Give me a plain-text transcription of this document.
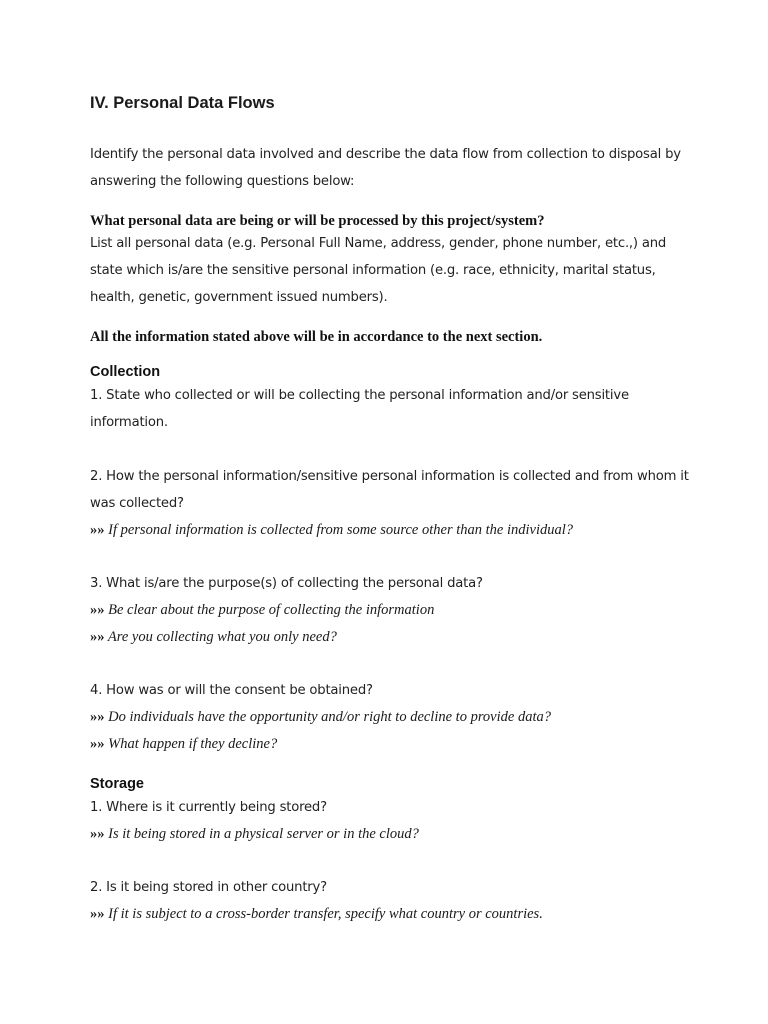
IV. Personal Data Flows

Identify the personal data involved and describe the data flow from collection to disposal by answering the following questions below:

What personal data are being or will be processed by this project/system?

List all personal data (e.g. Personal Full Name, address, gender, phone number, etc.,) and state which is/are the sensitive personal information (e.g. race, ethnicity, marital status, health, genetic, government issued numbers).

All the information stated above will be in accordance to the next section.

Collection

1. State who collected or will be collecting the personal information and/or sensitive information.

2. How the personal information/sensitive personal information is collected and from whom it was collected?

»» If personal information is collected from some source other than the individual?

3. What is/are the purpose(s) of collecting the personal data?

»» Be clear about the purpose of collecting the information

»» Are you collecting what you only need?

4. How was or will the consent be obtained?

»» Do individuals have the opportunity and/or right to decline to provide data?

»» What happen if they decline?

Storage

1. Where is it currently being stored?

»» Is it being stored in a physical server or in the cloud?

2. Is it being stored in other country?

»» If it is subject to a cross-border transfer, specify what country or countries.
